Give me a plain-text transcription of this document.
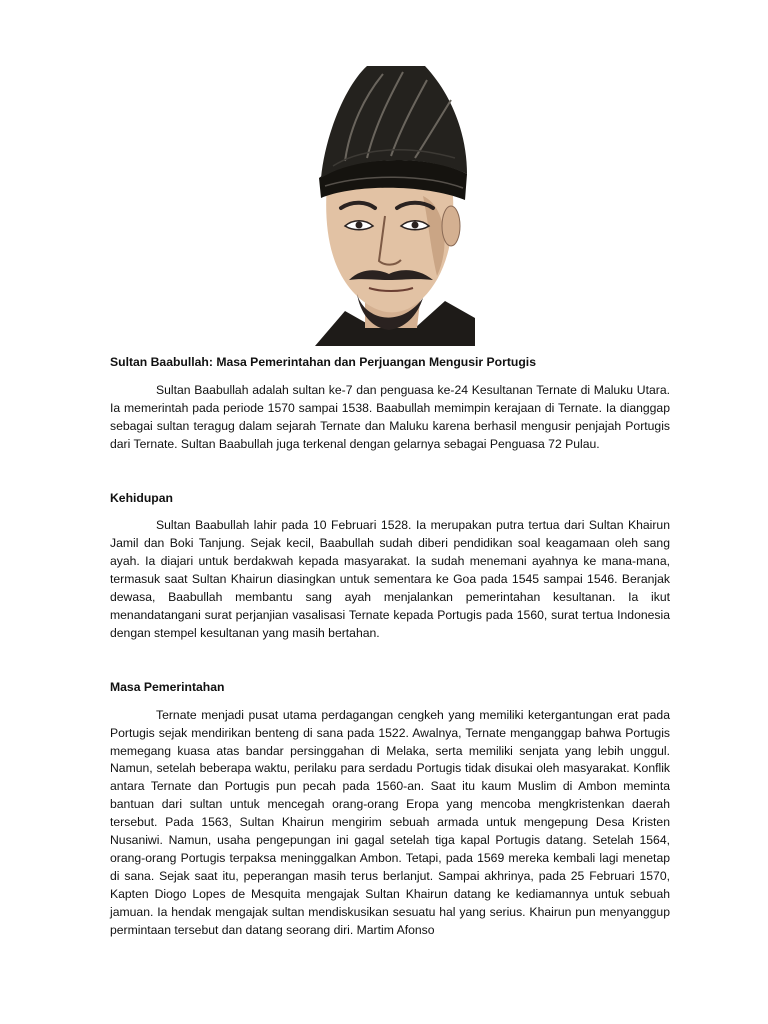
Sultan Baabullah: Masa Pemerintahan dan Perjuangan Mengusir Portugis

Sultan Baabullah adalah sultan ke-7 dan penguasa ke-24 Kesultanan Ternate di Maluku Utara. Ia memerintah pada periode 1570 sampai 1538. Baabullah memimpin kerajaan di Ternate. Ia dianggap sebagai sultan teragug dalam sejarah Ternate dan Maluku karena berhasil mengusir penjajah Portugis dari Ternate. Sultan Baabullah juga terkenal dengan gelarnya sebagai Penguasa 72 Pulau.

Kehidupan

Sultan Baabullah lahir pada 10 Februari 1528. Ia merupakan putra tertua dari Sultan Khairun Jamil dan Boki Tanjung. Sejak kecil, Baabullah sudah diberi pendidikan soal keagamaan oleh sang ayah. Ia diajari untuk berdakwah kepada masyarakat. Ia sudah menemani ayahnya ke mana-mana, termasuk saat Sultan Khairun diasingkan untuk sementara ke Goa pada 1545 sampai 1546. Beranjak dewasa, Baabullah membantu sang ayah menjalankan pemerintahan kesultanan. Ia ikut menandatangani surat perjanjian vasalisasi Ternate kepada Portugis pada 1560, surat tertua Indonesia dengan stempel kesultanan yang masih bertahan.

Masa Pemerintahan

Ternate menjadi pusat utama perdagangan cengkeh yang memiliki ketergantungan erat pada Portugis sejak mendirikan benteng di sana pada 1522. Awalnya, Ternate menganggap bahwa Portugis memegang kuasa atas bandar persinggahan di Melaka, serta memiliki senjata yang lebih unggul. Namun, setelah beberapa waktu, perilaku para serdadu Portugis tidak disukai oleh masyarakat. Konflik antara Ternate dan Portugis pun pecah pada 1560-an. Saat itu kaum Muslim di Ambon meminta bantuan dari sultan untuk mencegah orang-orang Eropa yang mencoba mengkristenkan daerah tersebut. Pada 1563, Sultan Khairun mengirim sebuah armada untuk mengepung Desa Kristen Nusaniwi. Namun, usaha pengepungan ini gagal setelah tiga kapal Portugis datang. Setelah 1564, orang-orang Portugis terpaksa meninggalkan Ambon. Tetapi, pada 1569 mereka kembali lagi menetap di sana. Sejak saat itu, peperangan masih terus berlanjut. Sampai akhrinya, pada 25 Februari 1570, Kapten Diogo Lopes de Mesquita mengajak Sultan Khairun datang ke kediamannya untuk sebuah jamuan. Ia hendak mengajak sultan mendiskusikan sesuatu hal yang serius. Khairun pun menyanggup permintaan tersebut dan datang seorang diri. Martim Afonso
